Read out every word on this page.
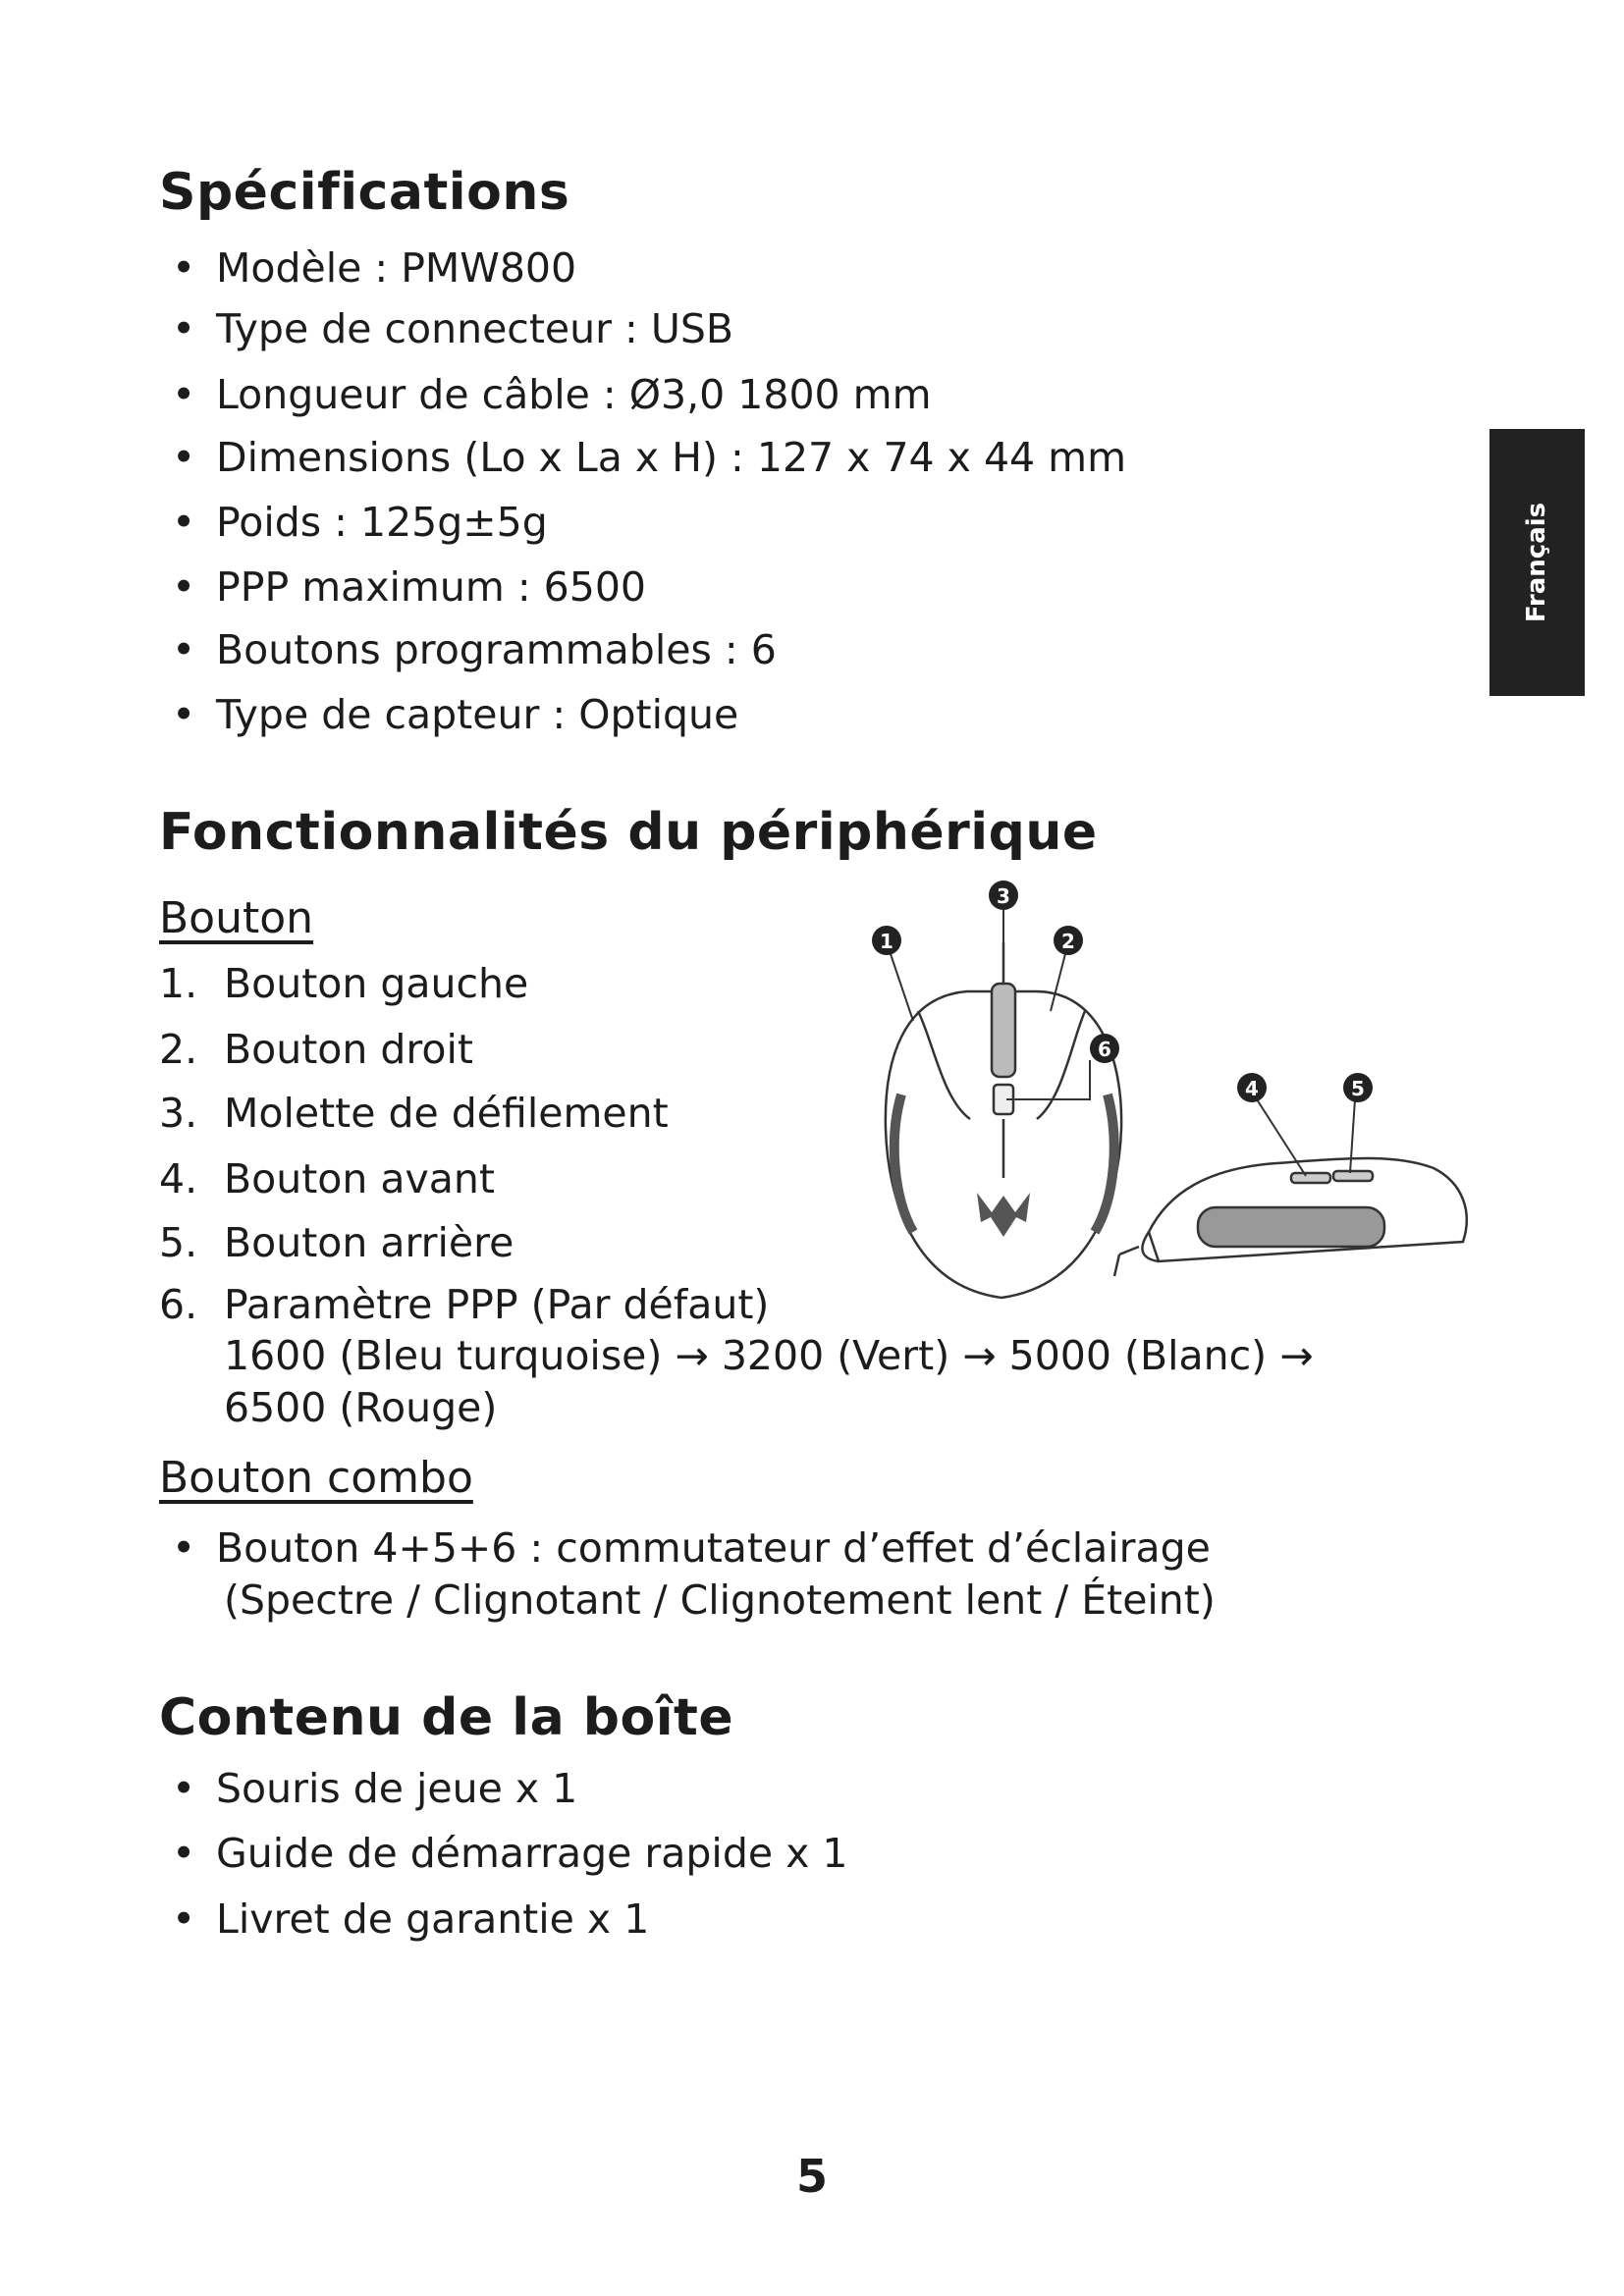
Français
Spécifications
Modèle : PMW800
Type de connecteur : USB
Longueur de câble : Ø3,0 1800 mm
Dimensions (Lo x La x H) : 127 x 74 x 44 mm
Poids : 125g±5g
PPP maximum : 6500
Boutons programmables : 6
Type de capteur : Optique
Fonctionnalités du périphérique
Bouton
1. Bouton gauche
2. Bouton droit
3. Molette de défilement
4. Bouton avant
5. Bouton arrière
6. Paramètre PPP (Par défaut)
1600 (Bleu turquoise) → 3200 (Vert) → 5000 (Blanc) →
6500 (Rouge)
Bouton combo
Bouton 4+5+6 : commutateur d’effet d’éclairage
(Spectre / Clignotant / Clignotement lent / Éteint)
1	2
3
4	5
6
Contenu de la boîte
Souris de jeue x 1
Guide de démarrage rapide x 1
Livret de garantie x 1
5
